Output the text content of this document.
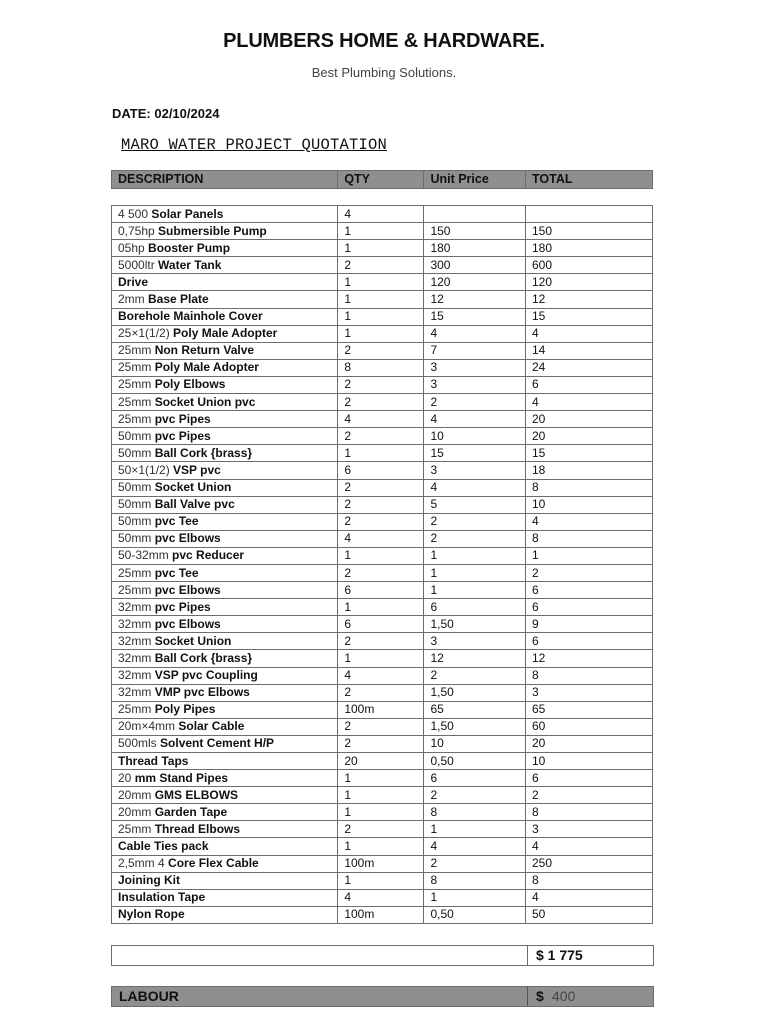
PLUMBERS HOME & HARDWARE.
Best Plumbing Solutions.
DATE: 02/10/2024
MARO WATER PROJECT QUOTATION
DESCRIPTION	QTY	Unit Price	TOTAL
4 500 Solar Panels	4		
0,75hp Submersible Pump	1	150	150
05hp Booster Pump	1	180	180
5000ltr Water Tank	2	300	600
Drive	1	120	120
2mm Base Plate	1	12	12
Borehole Mainhole Cover	1	15	15
25×1(1/2) Poly Male Adopter	1	4	4
25mm Non Return Valve	2	7	14
25mm Poly Male Adopter	8	3	24
25mm Poly Elbows	2	3	6
25mm Socket Union pvc	2	2	4
25mm pvc Pipes	4	4	20
50mm pvc Pipes	2	10	20
50mm Ball Cork {brass}	1	15	15
50×1(1/2) VSP pvc	6	3	18
50mm Socket Union	2	4	8
50mm Ball Valve pvc	2	5	10
50mm pvc Tee	2	2	4
50mm pvc Elbows	4	2	8
50-32mm pvc Reducer	1	1	1
25mm pvc Tee	2	1	2
25mm pvc Elbows	6	1	6
32mm pvc Pipes	1	6	6
32mm pvc Elbows	6	1,50	9
32mm Socket Union	2	3	6
32mm Ball Cork {brass}	1	12	12
32mm VSP pvc Coupling	4	2	8
32mm VMP pvc Elbows	2	1,50	3
25mm Poly Pipes	100m	65	65
20m×4mm Solar Cable	2	1,50	60
500mls Solvent Cement H/P	2	10	20
Thread Taps	20	0,50	10
20 mm Stand Pipes	1	6	6
20mm GMS ELBOWS	1	2	2
20mm Garden Tape	1	8	8
25mm Thread Elbows	2	1	3
Cable Ties pack	1	4	4
2,5mm 4 Core Flex Cable	100m	2	250
Joining Kit	1	8	8
Insulation Tape	4	1	4
Nylon Rope	100m	0,50	50
$ 1 775
LABOUR	$ 400
